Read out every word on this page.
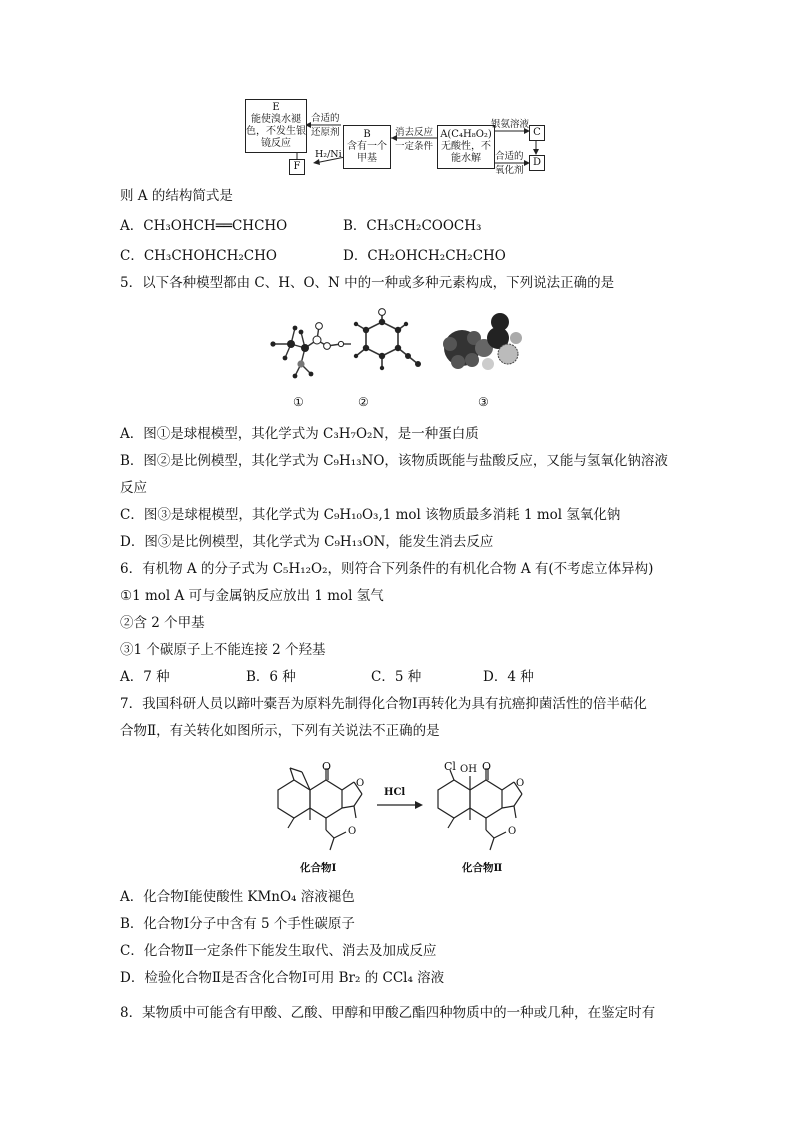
E
能使溴水褪色，不发生银镜反应
F
合适的
还原剂
H₂/Ni
B
含有一个甲基
消去反应
一定条件
A(C₄H₈O₂)
无酸性，不能水解
银氨溶液
合适的
氧化剂
C
D
则 A 的结构简式是
A．CH₃OHCH══CHCHO	B．CH₃CH₂COOCH₃
C．CH₃CHOHCH₂CHO	D．CH₂OHCH₂CH₂CHO
5．以下各种模型都由 C、H、O、N 中的一种或多种元素构成，下列说法正确的是
①	②	③
A．图①是球棍模型，其化学式为 C₃H₇O₂N，是一种蛋白质
B．图②是比例模型，其化学式为 C₉H₁₃NO，该物质既能与盐酸反应，又能与氢氧化钠溶液
反应
C．图③是球棍模型，其化学式为 C₉H₁₀O₃,1 mol 该物质最多消耗 1 mol 氢氧化钠
D．图③是比例模型，其化学式为 C₉H₁₃ON，能发生消去反应
6．有机物 A 的分子式为 C₅H₁₂O₂，则符合下列条件的有机化合物 A 有(不考虑立体异构)
①1 mol A 可与金属钠反应放出 1 mol 氢气
②含 2 个甲基
③1 个碳原子上不能连接 2 个羟基
A．7 种	B．6 种	C．5 种	D．4 种
7．我国科研人员以蹄叶橐吾为原料先制得化合物Ⅰ再转化为具有抗癌抑菌活性的倍半萜化
合物Ⅱ，有关转化如图所示，下列有关说法不正确的是
O
O
O
化合物Ⅰ
HCl
Cl OH O
O
O
化合物Ⅱ
A．化合物Ⅰ能使酸性 KMnO₄ 溶液褪色
B．化合物Ⅰ分子中含有 5 个手性碳原子
C．化合物Ⅱ一定条件下能发生取代、消去及加成反应
D．检验化合物Ⅱ是否含化合物Ⅰ可用 Br₂ 的 CCl₄ 溶液
8．某物质中可能含有甲酸、乙酸、甲醇和甲酸乙酯四种物质中的一种或几种，在鉴定时有
